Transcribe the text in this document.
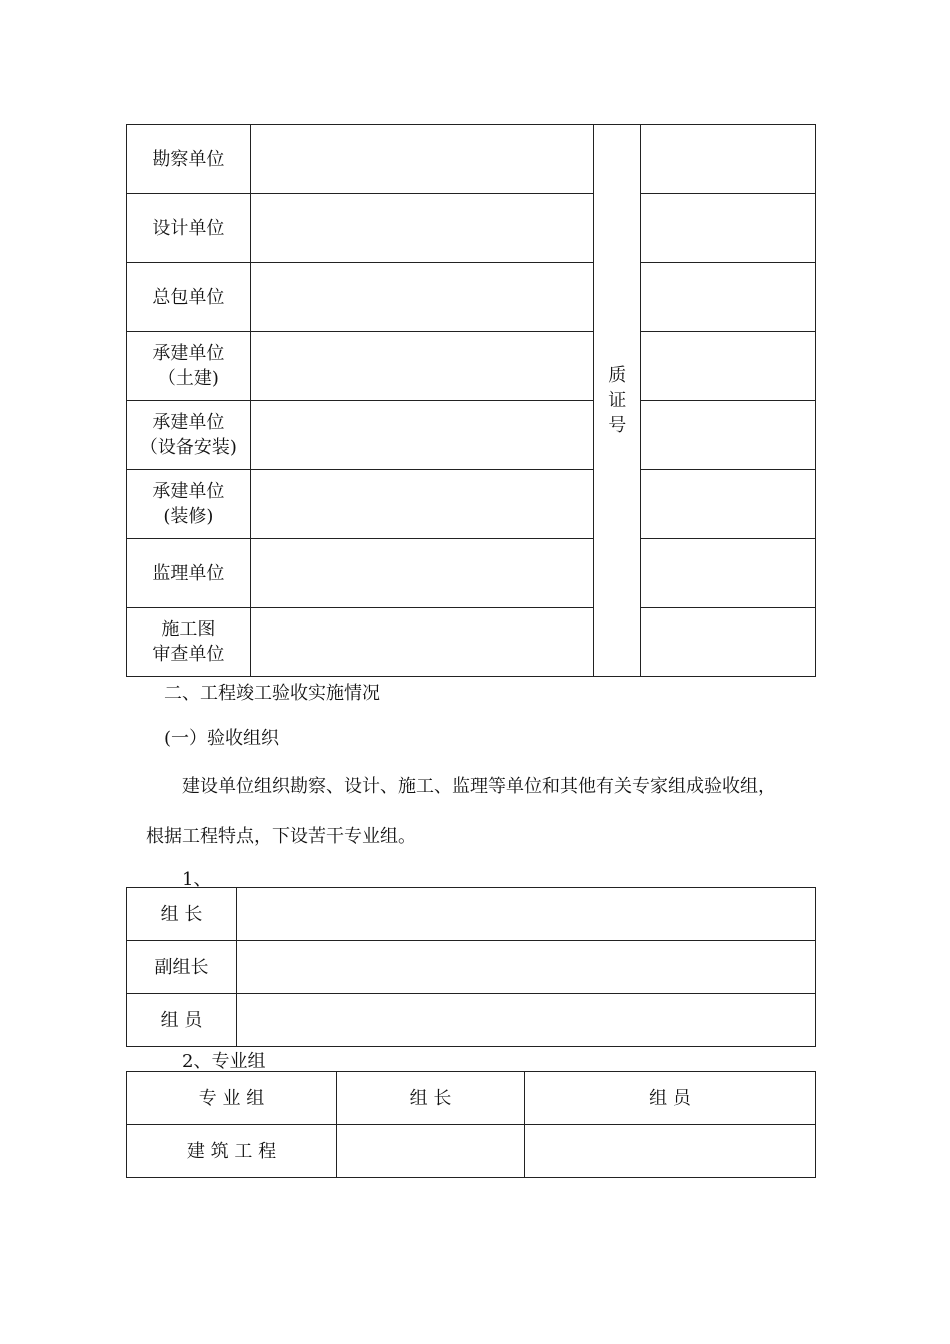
勘察单位		质
证
号	

设计单位			

总包单位			

承建单位
（土建)			

承建单位
（设备安装)			

承建单位
(装修)			

监理单位			

施工图
审查单位			

二、工程竣工验收实施情况
(一）验收组织
建设单位组织勘察、设计、施工、监理等单位和其他有关专家组成验收组，
根据工程特点，下设苦干专业组。
1、
组 长	
副组长	
组 员	
2、专业组
专 业 组	组 长	组 员
建 筑 工 程		
